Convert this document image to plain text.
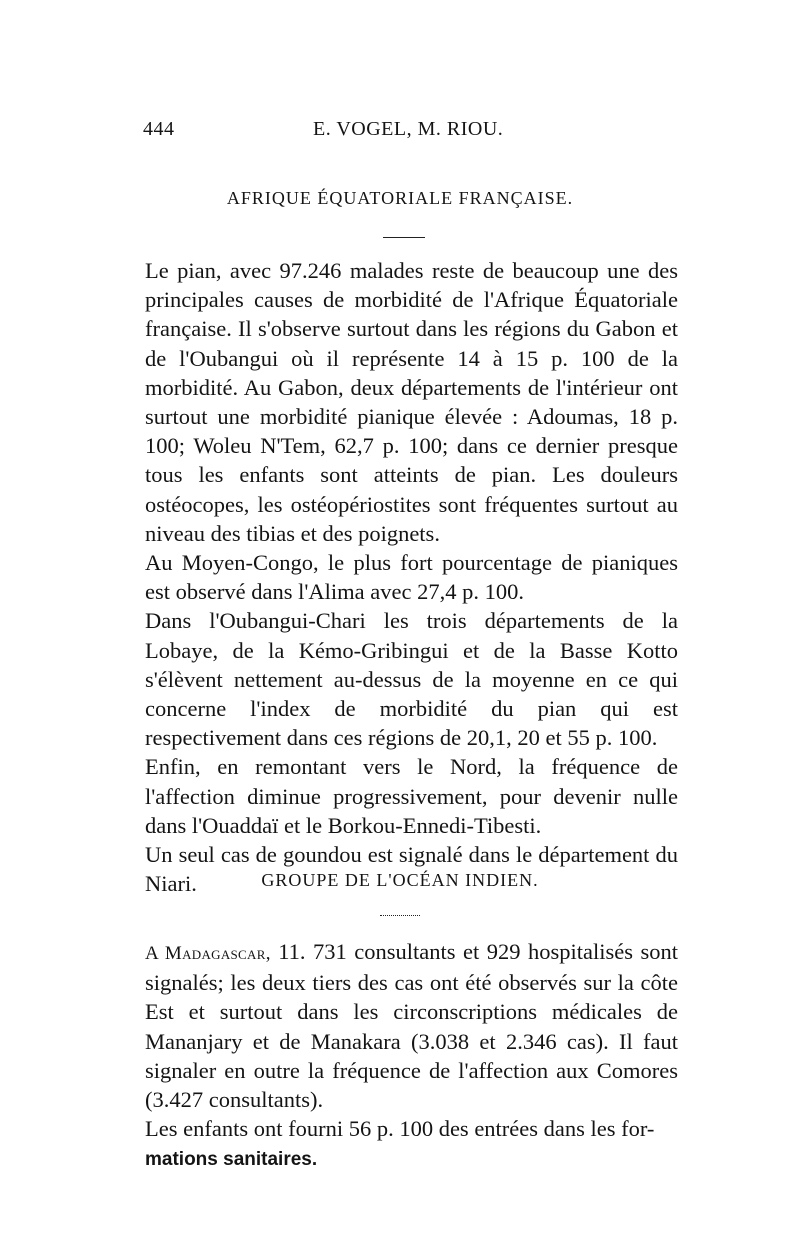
444	E. VOGEL, M. RIOU.
AFRIQUE ÉQUATORIALE FRANÇAISE.

Le pian, avec 97.246 malades reste de beaucoup une des principales causes de morbidité de l'Afrique Équatoriale française. Il s'observe surtout dans les régions du Gabon et de l'Oubangui où il représente 14 à 15 p. 100 de la morbidité. Au Gabon, deux départements de l'intérieur ont surtout une morbidité pianique élevée : Adoumas, 18 p. 100; Woleu N'Tem, 62,7 p. 100; dans ce dernier presque tous les enfants sont atteints de pian. Les douleurs ostéocopes, les ostéopériostites sont fréquentes surtout au niveau des tibias et des poignets.

Au Moyen-Congo, le plus fort pourcentage de pianiques est observé dans l'Alima avec 27,4 p. 100.

Dans l'Oubangui-Chari les trois départements de la Lobaye, de la Kémo-Gribingui et de la Basse Kotto s'élèvent nettement au-dessus de la moyenne en ce qui concerne l'index de morbidité du pian qui est respectivement dans ces régions de 20,1, 20 et 55 p. 100.

Enfin, en remontant vers le Nord, la fréquence de l'affection diminue progressivement, pour devenir nulle dans l'Ouaddaï et le Borkou-Ennedi-Tibesti.

Un seul cas de goundou est signalé dans le département du Niari.	GROUPE DE L'OCÉAN INDIEN.

A Madagascar, 11. 731 consultants et 929 hospitalisés sont signalés; les deux tiers des cas ont été observés sur la côte Est et surtout dans les circonscriptions médicales de Mananjary et de Manakara (3.038 et 2.346 cas). Il faut signaler en outre la fréquence de l'affection aux Comores (3.427 consultants).

Les enfants ont fourni 56 p. 100 des entrées dans les for-
mations sanitaires.
